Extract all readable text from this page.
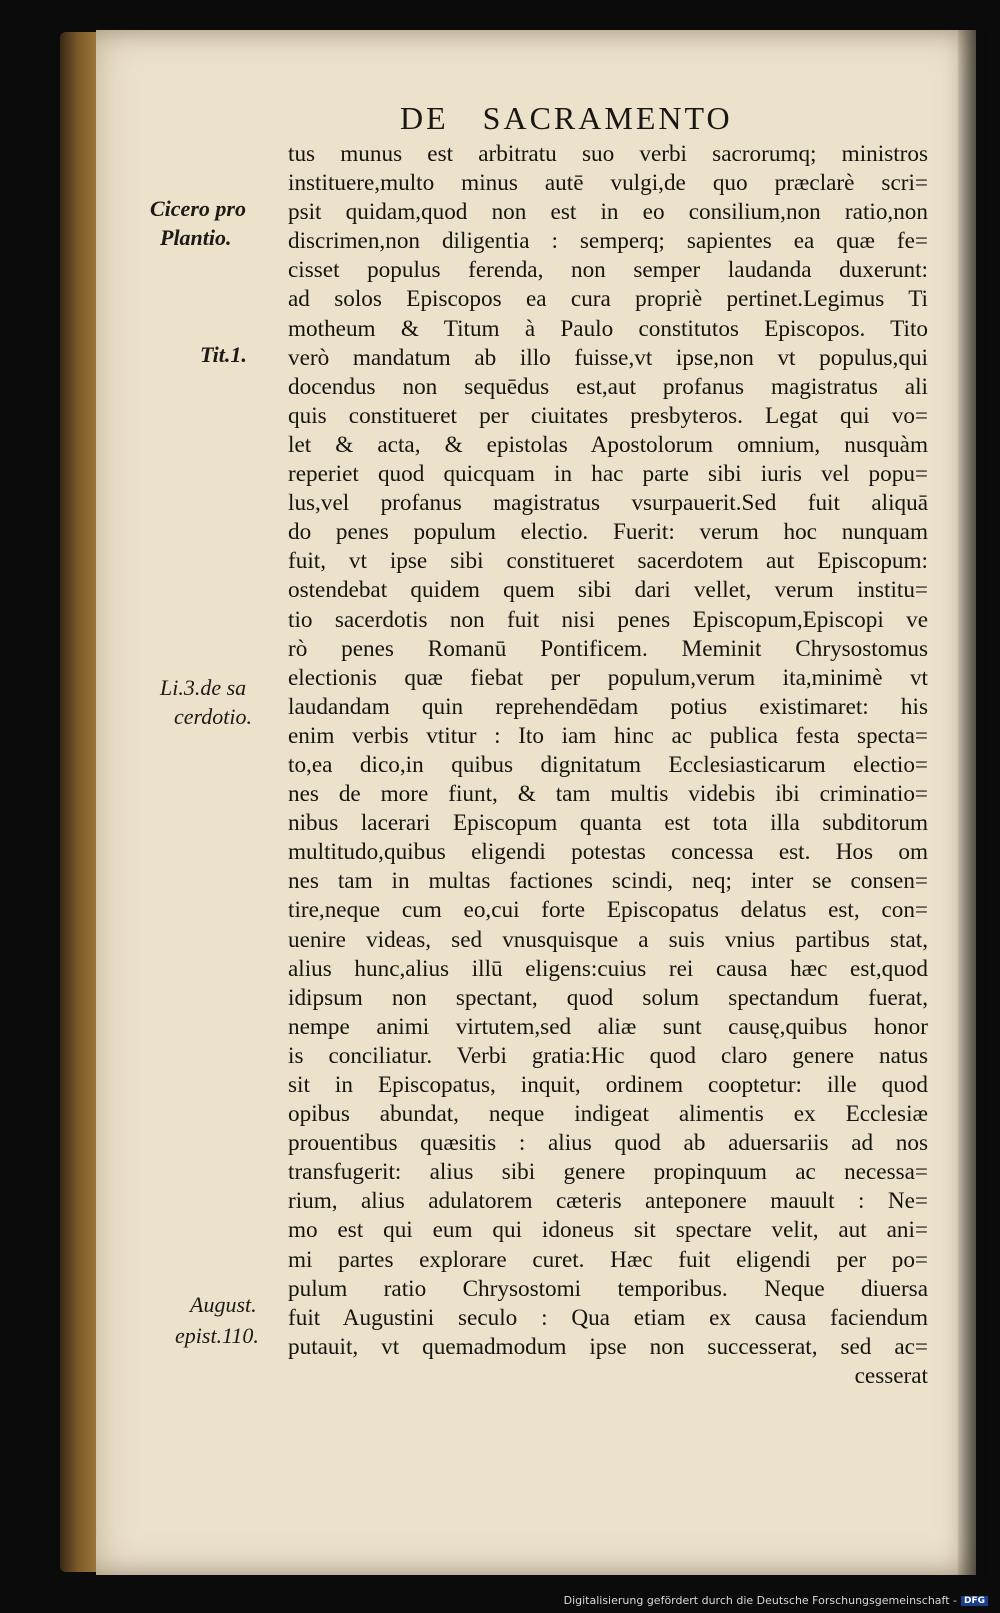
DE SACRAMENTO
Cicero pro
Plantio.
Tit.1.
Li.3.de sa
cerdotio.
August.
epist.110.
tus munus est arbitratu suo verbi sacrorumq; ministros
instituere,multo minus autē vulgi,de quo præclarè scri=
psit quidam,quod non est in eo consilium,non ratio,non
discrimen,non diligentia : semperq; sapientes ea quæ fe=
cisset populus ferenda, non semper laudanda duxerunt:
ad solos Episcopos ea cura propriè pertinet.Legimus Ti
motheum & Titum à Paulo constitutos Episcopos. Tito
verò mandatum ab illo fuisse,vt ipse,non vt populus,qui
docendus non sequēdus est,aut profanus magistratus ali
quis constitueret per ciuitates presbyteros. Legat qui vo=
let & acta, & epistolas Apostolorum omnium, nusquàm
reperiet quod quicquam in hac parte sibi iuris vel popu=
lus,vel profanus magistratus vsurpauerit.Sed fuit aliquā
do penes populum electio. Fuerit: verum hoc nunquam
fuit, vt ipse sibi constitueret sacerdotem aut Episcopum:
ostendebat quidem quem sibi dari vellet, verum institu=
tio sacerdotis non fuit nisi penes Episcopum,Episcopi ve
rò penes Romanū Pontificem. Meminit Chrysostomus
electionis quæ fiebat per populum,verum ita,minimè vt
laudandam quin reprehendēdam potius existimaret: his
enim verbis vtitur : Ito iam hinc ac publica festa specta=
to,ea dico,in quibus dignitatum Ecclesiasticarum electio=
nes de more fiunt, & tam multis videbis ibi criminatio=
nibus lacerari Episcopum quanta est tota illa subditorum
multitudo,quibus eligendi potestas concessa est. Hos om
nes tam in multas factiones scindi, neq; inter se consen=
tire,neque cum eo,cui forte Episcopatus delatus est, con=
uenire videas, sed vnusquisque a suis vnius partibus stat,
alius hunc,alius illū eligens:cuius rei causa hæc est,quod
idipsum non spectant, quod solum spectandum fuerat,
nempe animi virtutem,sed aliæ sunt causę,quibus honor
is conciliatur. Verbi gratia:Hic quod claro genere natus
sit in Episcopatus, inquit, ordinem cooptetur: ille quod
opibus abundat, neque indigeat alimentis ex Ecclesiæ
prouentibus quæsitis : alius quod ab aduersariis ad nos
transfugerit: alius sibi genere propinquum ac necessa=
rium, alius adulatorem cæteris anteponere mauult : Ne=
mo est qui eum qui idoneus sit spectare velit, aut ani=
mi partes explorare curet. Hæc fuit eligendi per po=
pulum ratio Chrysostomi temporibus. Neque diuersa
fuit Augustini seculo : Qua etiam ex causa faciendum
putauit, vt quemadmodum ipse non successerat, sed ac=
cesserat
Digitalisierung gefördert durch die Deutsche Forschungsgemeinschaft - DFG
